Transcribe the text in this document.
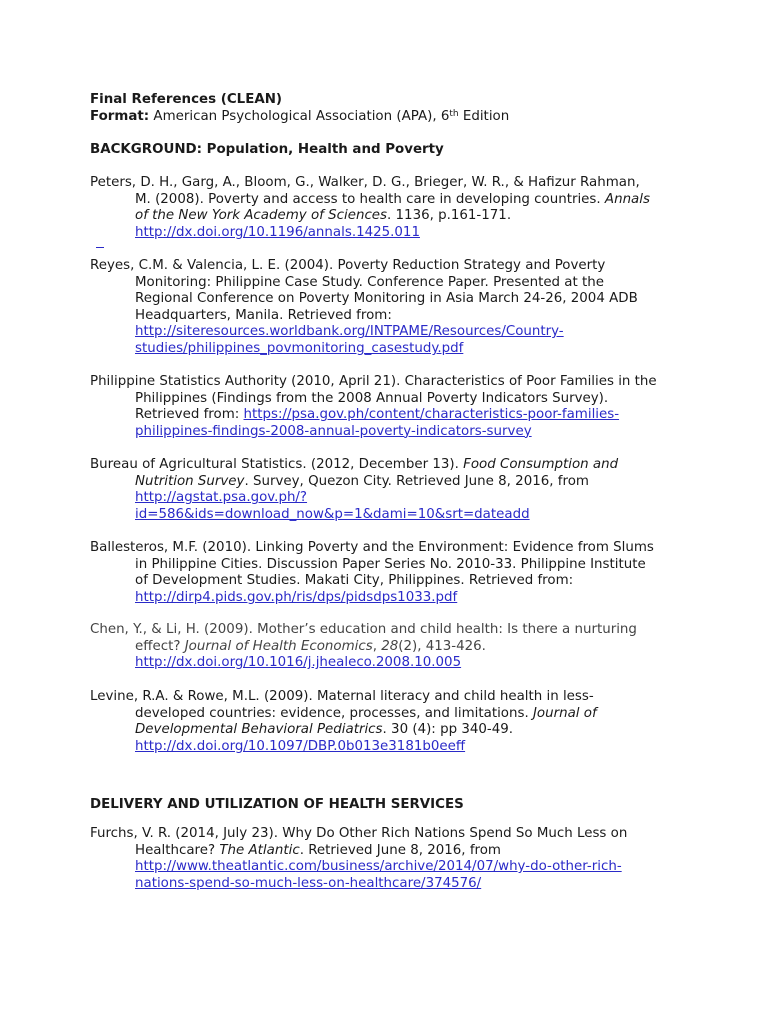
Final References (CLEAN)
Format: American Psychological Association (APA), 6th Edition
BACKGROUND: Population, Health and Poverty
Peters, D. H., Garg, A., Bloom, G., Walker, D. G., Brieger, W. R., & Hafizur Rahman,
M. (2008). Poverty and access to health care in developing countries. Annals
of the New York Academy of Sciences. 1136, p.161-171.
http://dx.doi.org/10.1196/annals.1425.011
Reyes, C.M. & Valencia, L. E. (2004). Poverty Reduction Strategy and Poverty
Monitoring: Philippine Case Study. Conference Paper. Presented at the
Regional Conference on Poverty Monitoring in Asia March 24-26, 2004 ADB
Headquarters, Manila. Retrieved from:
http://siteresources.worldbank.org/INTPAME/Resources/Country-
studies/philippines_povmonitoring_casestudy.pdf
Philippine Statistics Authority (2010, April 21). Characteristics of Poor Families in the
Philippines (Findings from the 2008 Annual Poverty Indicators Survey).
Retrieved from: https://psa.gov.ph/content/characteristics-poor-families-
philippines-findings-2008-annual-poverty-indicators-survey
Bureau of Agricultural Statistics. (2012, December 13). Food Consumption and
Nutrition Survey. Survey, Quezon City. Retrieved June 8, 2016, from
http://agstat.psa.gov.ph/?
id=586&ids=download_now&p=1&dami=10&srt=dateadd
Ballesteros, M.F. (2010). Linking Poverty and the Environment: Evidence from Slums
in Philippine Cities. Discussion Paper Series No. 2010-33. Philippine Institute
of Development Studies. Makati City, Philippines. Retrieved from:
http://dirp4.pids.gov.ph/ris/dps/pidsdps1033.pdf
Chen, Y., & Li, H. (2009). Mother’s education and child health: Is there a nurturing
effect? Journal of Health Economics, 28(2), 413-426.
http://dx.doi.org/10.1016/j.jhealeco.2008.10.005
Levine, R.A. & Rowe, M.L. (2009). Maternal literacy and child health in less-
developed countries: evidence, processes, and limitations. Journal of
Developmental Behavioral Pediatrics. 30 (4): pp 340-49.
http://dx.doi.org/10.1097/DBP.0b013e3181b0eeff
DELIVERY AND UTILIZATION OF HEALTH SERVICES
Furchs, V. R. (2014, July 23). Why Do Other Rich Nations Spend So Much Less on
Healthcare? The Atlantic. Retrieved June 8, 2016, from
http://www.theatlantic.com/business/archive/2014/07/why-do-other-rich-
nations-spend-so-much-less-on-healthcare/374576/
